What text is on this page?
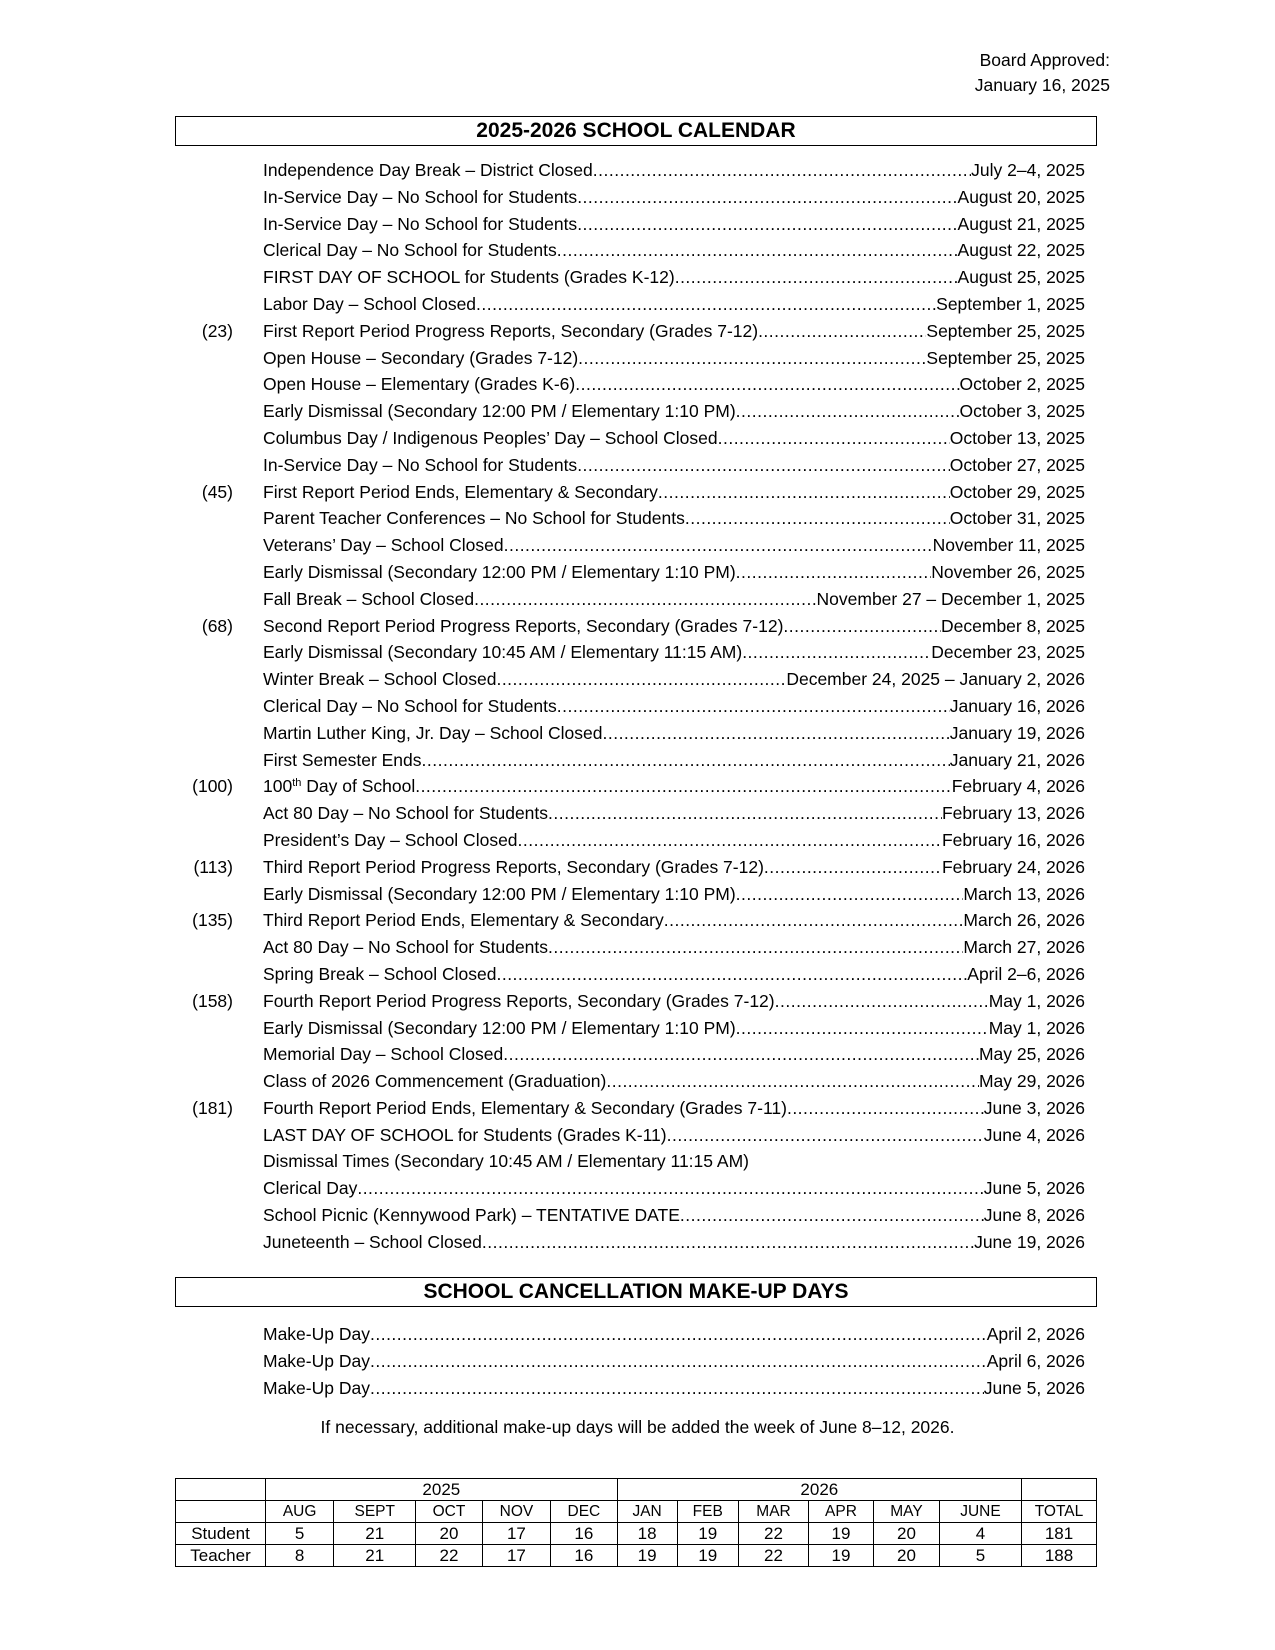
Board Approved:
January 16, 2025
2025-2026 SCHOOL CALENDAR
Independence Day Break – District Closed .....	July 2–4, 2025
In-Service Day – No School for Students .....	August 20, 2025
In-Service Day – No School for Students .....	August 21, 2025
Clerical Day – No School for Students .....	August 22, 2025
FIRST DAY OF SCHOOL for Students (Grades K-12) .....	August 25, 2025
Labor Day – School Closed .....	September 1, 2025
(23) First Report Period Progress Reports, Secondary (Grades 7-12) .....	September 25, 2025
Open House – Secondary (Grades 7-12) .....	September 25, 2025
Open House – Elementary (Grades K-6) .....	October 2, 2025
Early Dismissal (Secondary 12:00 PM / Elementary 1:10 PM) .....	October 3, 2025
Columbus Day / Indigenous Peoples’ Day – School Closed .....	October 13, 2025
In-Service Day – No School for Students .....	October 27, 2025
(45) First Report Period Ends, Elementary & Secondary .....	October 29, 2025
Parent Teacher Conferences – No School for Students .....	October 31, 2025
Veterans’ Day – School Closed .....	November 11, 2025
Early Dismissal (Secondary 12:00 PM / Elementary 1:10 PM) .....	November 26, 2025
Fall Break – School Closed .....	November 27 – December 1, 2025
(68) Second Report Period Progress Reports, Secondary (Grades 7-12) .....	December 8, 2025
Early Dismissal (Secondary 10:45 AM / Elementary 11:15 AM) .....	December 23, 2025
Winter Break – School Closed .....	December 24, 2025 – January 2, 2026
Clerical Day – No School for Students .....	January 16, 2026
Martin Luther King, Jr. Day – School Closed .....	January 19, 2026
First Semester Ends .....	January 21, 2026
(100) 100th Day of School .....	February 4, 2026
Act 80 Day – No School for Students .....	February 13, 2026
President’s Day – School Closed .....	February 16, 2026
(113) Third Report Period Progress Reports, Secondary (Grades 7-12) .....	February 24, 2026
Early Dismissal (Secondary 12:00 PM / Elementary 1:10 PM) .....	March 13, 2026
(135) Third Report Period Ends, Elementary & Secondary .....	March 26, 2026
Act 80 Day – No School for Students .....	March 27, 2026
Spring Break – School Closed .....	April 2–6, 2026
(158) Fourth Report Period Progress Reports, Secondary (Grades 7-12) .....	May 1, 2026
Early Dismissal (Secondary 12:00 PM / Elementary 1:10 PM) .....	May 1, 2026
Memorial Day – School Closed .....	May 25, 2026
Class of 2026 Commencement (Graduation) .....	May 29, 2026
(181) Fourth Report Period Ends, Elementary & Secondary (Grades 7-11) .....	June 3, 2026
LAST DAY OF SCHOOL for Students (Grades K-11) .....	June 4, 2026
Dismissal Times (Secondary 10:45 AM / Elementary 11:15 AM)
Clerical Day .....	June 5, 2026
School Picnic (Kennywood Park) – TENTATIVE DATE .....	June 8, 2026
Juneteenth – School Closed .....	June 19, 2026
SCHOOL CANCELLATION MAKE-UP DAYS
Make-Up Day .....	April 2, 2026
Make-Up Day .....	April 6, 2026
Make-Up Day .....	June 5, 2026
If necessary, additional make-up days will be added the week of June 8–12, 2026.
	2025					2026						
	AUG	SEPT	OCT	NOV	DEC	JAN	FEB	MAR	APR	MAY	JUNE	TOTAL
Student	5	21	20	17	16	18	19	22	19	20	4	181
Teacher	8	21	22	17	16	19	19	22	19	20	5	188
